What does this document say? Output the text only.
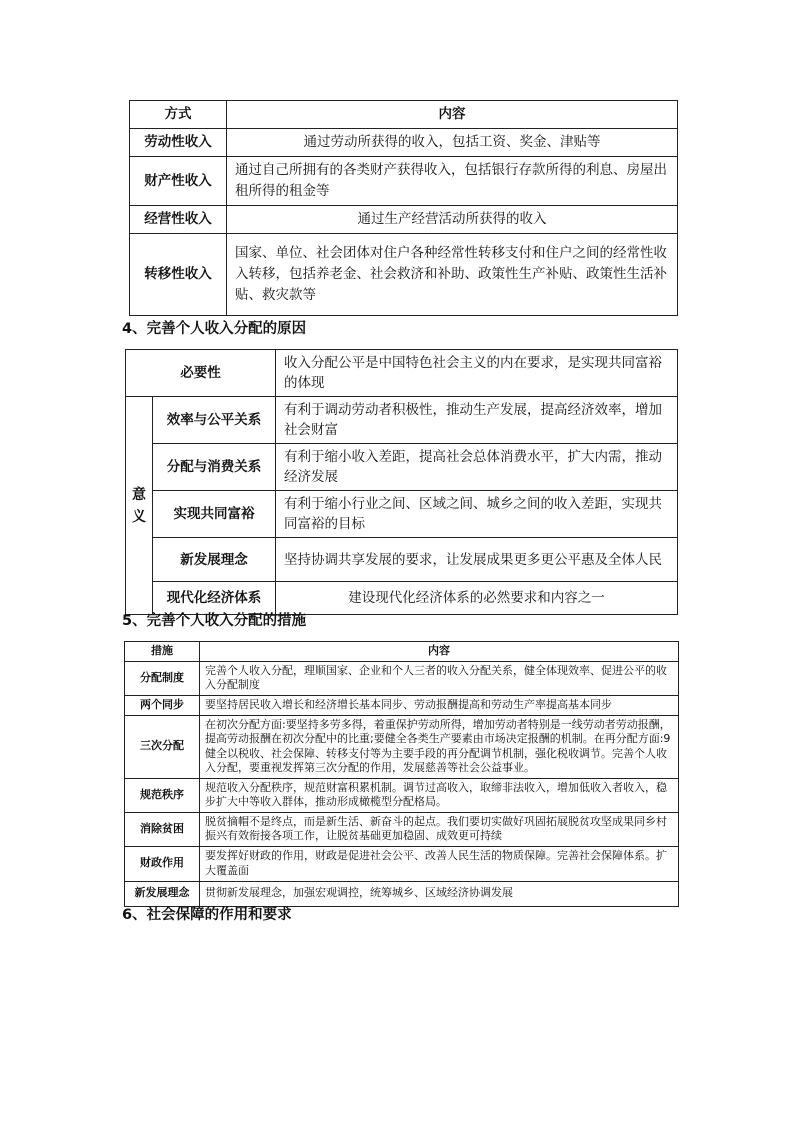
方式	内容
劳动性收入	通过劳动所获得的收入，包括工资、奖金、津贴等
财产性收入	通过自己所拥有的各类财产获得收入，包括银行存款所得的利息、房屋出租所得的租金等
经营性收入	通过生产经营活动所获得的收入
转移性收入	国家、单位、社会团体对住户各种经常性转移支付和住户之间的经常性收入转移，包括养老金、社会救济和补助、政策性生产补贴、政策性生活补贴、救灾款等
4、完善个人收入分配的原因
必要性		收入分配公平是中国特色社会主义的内在要求，是实现共同富裕的体现
意义	效率与公平关系	有利于调动劳动者积极性，推动生产发展，提高经济效率，增加社会财富
	分配与消费关系	有利于缩小收入差距，提高社会总体消费水平，扩大内需，推动经济发展
	实现共同富裕	有利于缩小行业之间、区域之间、城乡之间的收入差距，实现共同富裕的目标
	新发展理念	坚持协调共享发展的要求，让发展成果更多更公平惠及全体人民
	现代化经济体系	建设现代化经济体系的必然要求和内容之一
5、完善个人收入分配的措施
措施	内容
分配制度	完善个人收入分配，理顺国家、企业和个人三者的收入分配关系，健全体现效率、促进公平的收入分配制度
两个同步	要坚持居民收入增长和经济增长基本同步、劳动报酬提高和劳动生产率提高基本同步
三次分配	在初次分配方面:要坚持多劳多得，着重保护劳动所得，增加劳动者特别是一线劳动者劳动报酬，提高劳动报酬在初次分配中的比重;要健全各类生产要素由市场决定报酬的机制。在再分配方面:9健全以税收、社会保障、转移支付等为主要手段的再分配调节机制，强化税收调节。完善个人收入分配，要重视发挥第三次分配的作用，发展慈善等社会公益事业。
规范秩序	规范收入分配秩序，规范财富积累机制。调节过高收入，取缔非法收入，增加低收入者收入，稳步扩大中等收入群体，推动形成橄榄型分配格局。
消除贫困	脱贫摘帽不是终点，而是新生活、新奋斗的起点。我们要切实做好巩固拓展脱贫攻坚成果同乡村振兴有效衔接各项工作，让脱贫基础更加稳固、成效更可持续
财政作用	要发挥好财政的作用，财政是促进社会公平、改善人民生活的物质保障。完善社会保障体系。扩大覆盖面
新发展理念	贯彻新发展理念，加强宏观调控，统筹城乡、区域经济协调发展
6、社会保障的作用和要求
